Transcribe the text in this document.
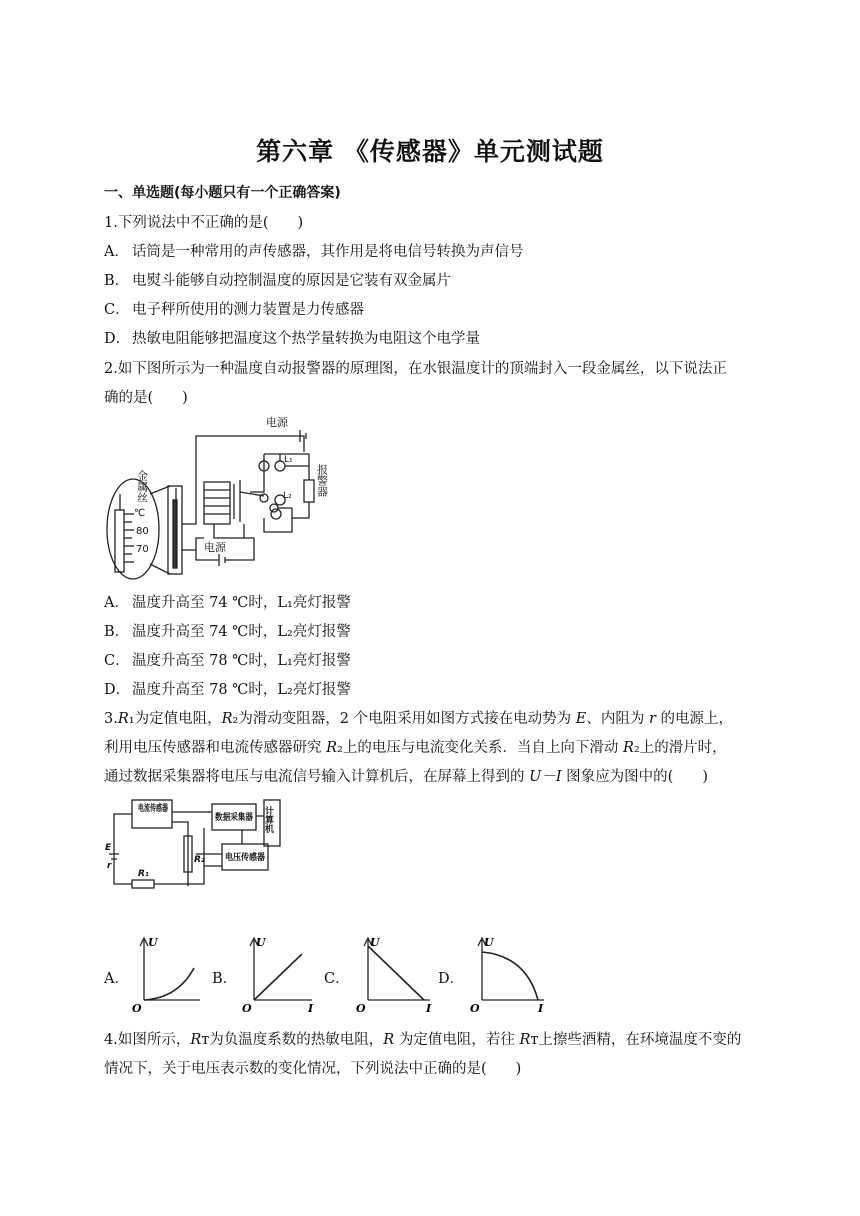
第六章 《传感器》单元测试题
一、单选题(每小题只有一个正确答案)
1.下列说法中不正确的是(　　)
A． 话筒是一种常用的声传感器，其作用是将电信号转换为声信号
B． 电熨斗能够自动控制温度的原因是它装有双金属片
C． 电子秤所使用的测力装置是力传感器
D． 热敏电阻能够把温度这个热学量转换为电阻这个电学量
2.如下图所示为一种温度自动报警器的原理图，在水银温度计的顶端封入一段金属丝，以下说法正
确的是(　　)
电源
电源
L₁
L₂
℃
80
70
金属丝	报警器
A． 温度升高至 74 ℃时，L₁亮灯报警
B． 温度升高至 74 ℃时，L₂亮灯报警
C． 温度升高至 78 ℃时，L₁亮灯报警
D． 温度升高至 78 ℃时，L₂亮灯报警
3.R₁为定值电阻，R₂为滑动变阻器，2 个电阻采用如图方式接在电动势为 E、内阻为 r 的电源上，
利用电压传感器和电流传感器研究 R₂上的电压与电流变化关系．当自上向下滑动 R₂上的滑片时，
通过数据采集器将电压与电流信号输入计算机后，在屏幕上得到的 U－I 图象应为图中的(　　)
电流传感器
数据采集器
电压传感器
E
r
R₁
R₂
计算机
A．	B．	C．	D．
U
O
U
O	I
U
O	I
U
O	I
4.如图所示，Rᴛ为负温度系数的热敏电阻，R 为定值电阻，若往 Rᴛ上擦些酒精，在环境温度不变的
情况下，关于电压表示数的变化情况，下列说法中正确的是(　　)
